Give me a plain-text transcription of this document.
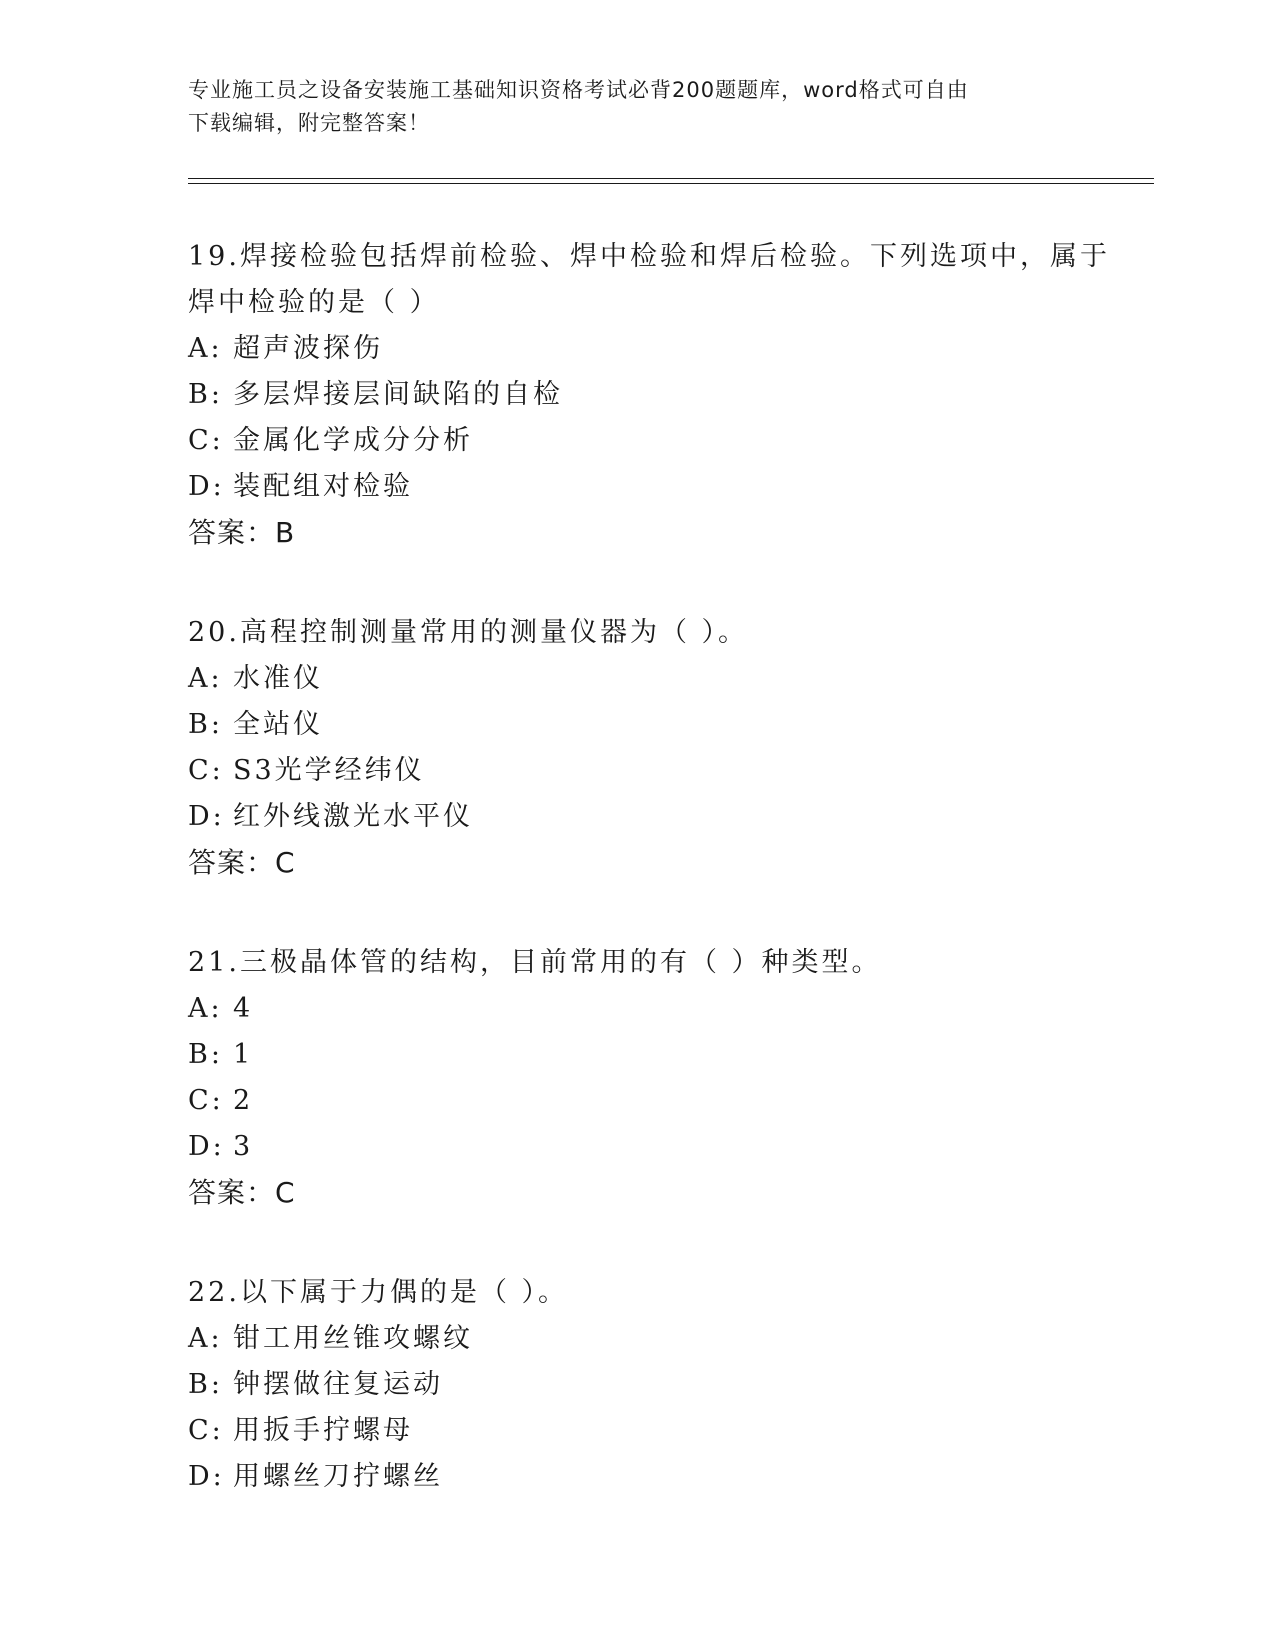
专业施工员之设备安装施工基础知识资格考试必背200题题库，word格式可自由
下载编辑，附完整答案！
19.焊接检验包括焊前检验、焊中检验和焊后检验。下列选项中，属于
焊中检验的是（ ）
A: 超声波探伤
B: 多层焊接层间缺陷的自检
C: 金属化学成分分析
D: 装配组对检验
答案：B
20.高程控制测量常用的测量仪器为（ ）。
A: 水准仪
B: 全站仪
C: S3光学经纬仪
D: 红外线激光水平仪
答案：C
21.三极晶体管的结构，目前常用的有（ ）种类型。
A: 4
B: 1
C: 2
D: 3
答案：C
22.以下属于力偶的是（ ）。
A: 钳工用丝锥攻螺纹
B: 钟摆做往复运动
C: 用扳手拧螺母
D: 用螺丝刀拧螺丝
